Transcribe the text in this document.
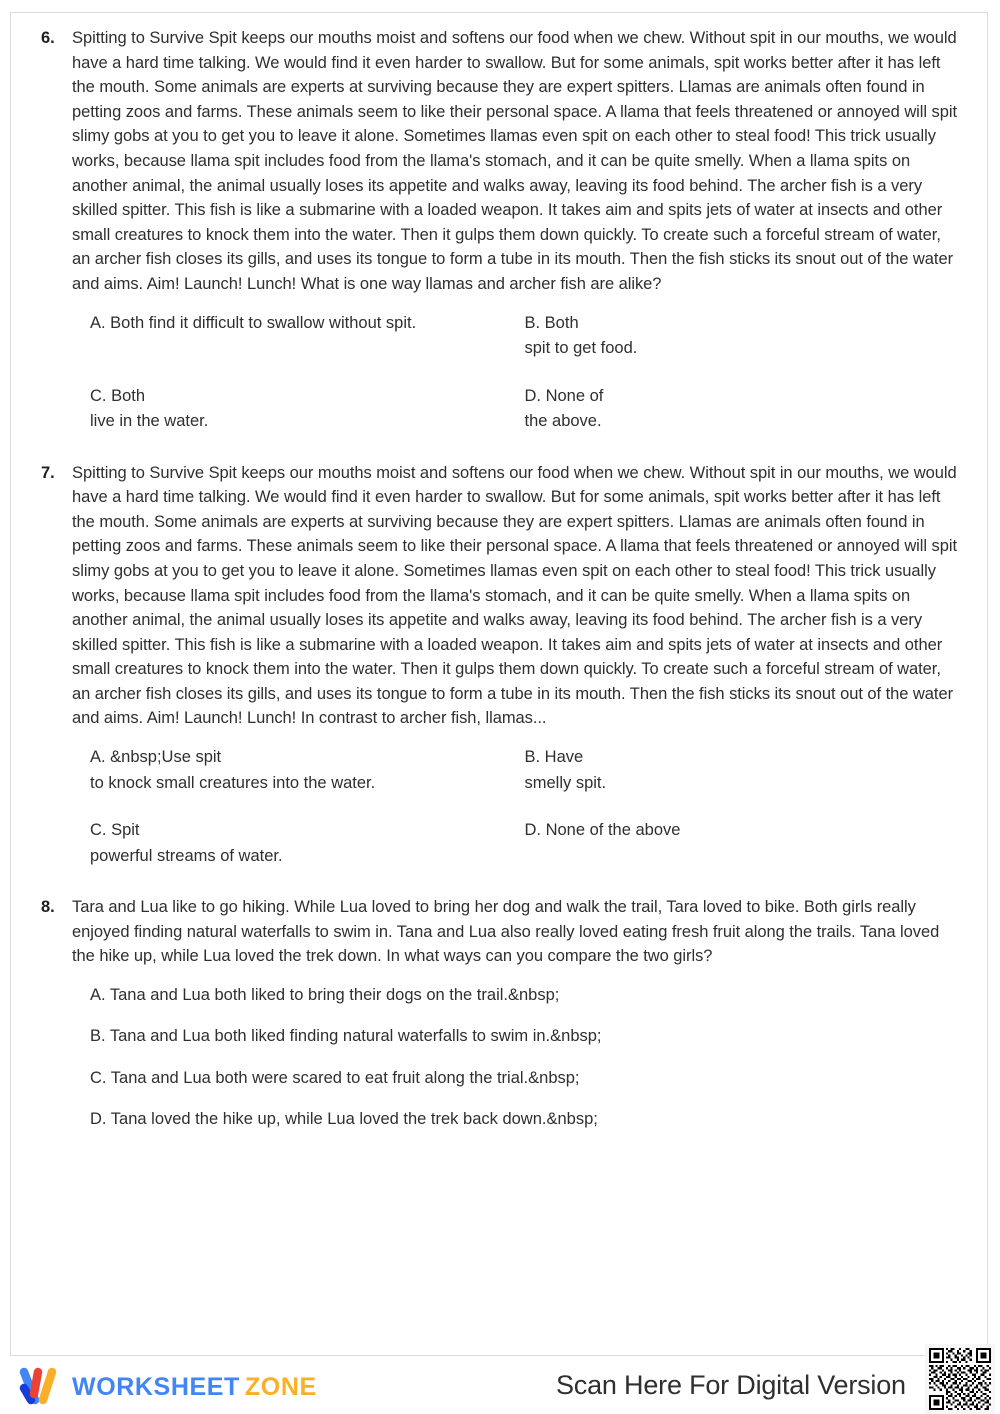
6. Spitting to Survive Spit keeps our mouths moist and softens our food when we chew. Without spit in our mouths, we would have a hard time talking. We would find it even harder to swallow. But for some animals, spit works better after it has left the mouth. Some animals are experts at surviving because they are expert spitters. Llamas are animals often found in petting zoos and farms. These animals seem to like their personal space. A llama that feels threatened or annoyed will spit slimy gobs at you to get you to leave it alone. Sometimes llamas even spit on each other to steal food! This trick usually works, because llama spit includes food from the llama's stomach, and it can be quite smelly. When a llama spits on another animal, the animal usually loses its appetite and walks away, leaving its food behind. The archer fish is a very skilled spitter. This fish is like a submarine with a loaded weapon. It takes aim and spits jets of water at insects and other small creatures to knock them into the water. Then it gulps them down quickly. To create such a forceful stream of water, an archer fish closes its gills, and uses its tongue to form a tube in its mouth. Then the fish sticks its snout out of the water and aims. Aim! Launch! Lunch! What is one way llamas and archer fish are alike?
A. Both find it difficult to swallow without spit.	B. Both
spit to get food.
C. Both
live in the water.
D. None of
the above.
7. Spitting to Survive Spit keeps our mouths moist and softens our food when we chew. Without spit in our mouths, we would have a hard time talking. We would find it even harder to swallow. But for some animals, spit works better after it has left the mouth. Some animals are experts at surviving because they are expert spitters. Llamas are animals often found in petting zoos and farms. These animals seem to like their personal space. A llama that feels threatened or annoyed will spit slimy gobs at you to get you to leave it alone. Sometimes llamas even spit on each other to steal food! This trick usually works, because llama spit includes food from the llama's stomach, and it can be quite smelly. When a llama spits on another animal, the animal usually loses its appetite and walks away, leaving its food behind. The archer fish is a very skilled spitter. This fish is like a submarine with a loaded weapon. It takes aim and spits jets of water at insects and other small creatures to knock them into the water. Then it gulps them down quickly. To create such a forceful stream of water, an archer fish closes its gills, and uses its tongue to form a tube in its mouth. Then the fish sticks its snout out of the water and aims. Aim! Launch! Lunch! In contrast to archer fish, llamas...
A. &nbsp;Use spit
to knock small creatures into the water.
B. Have
smelly spit.
C. Spit
powerful streams of water.
D. None of the above
8. Tara and Lua like to go hiking. While Lua loved to bring her dog and walk the trail, Tara loved to bike. Both girls really enjoyed finding natural waterfalls to swim in. Tana and Lua also really loved eating fresh fruit along the trails. Tana loved the hike up, while Lua loved the trek down. In what ways can you compare the two girls?
A. Tana and Lua both liked to bring their dogs on the trail.&nbsp;
B. Tana and Lua both liked finding natural waterfalls to swim in.&nbsp;
C. Tana and Lua both were scared to eat fruit along the trial.&nbsp;
D. Tana loved the hike up, while Lua loved the trek back down.&nbsp;
WORKSHEET ZONE	Scan Here For Digital Version
